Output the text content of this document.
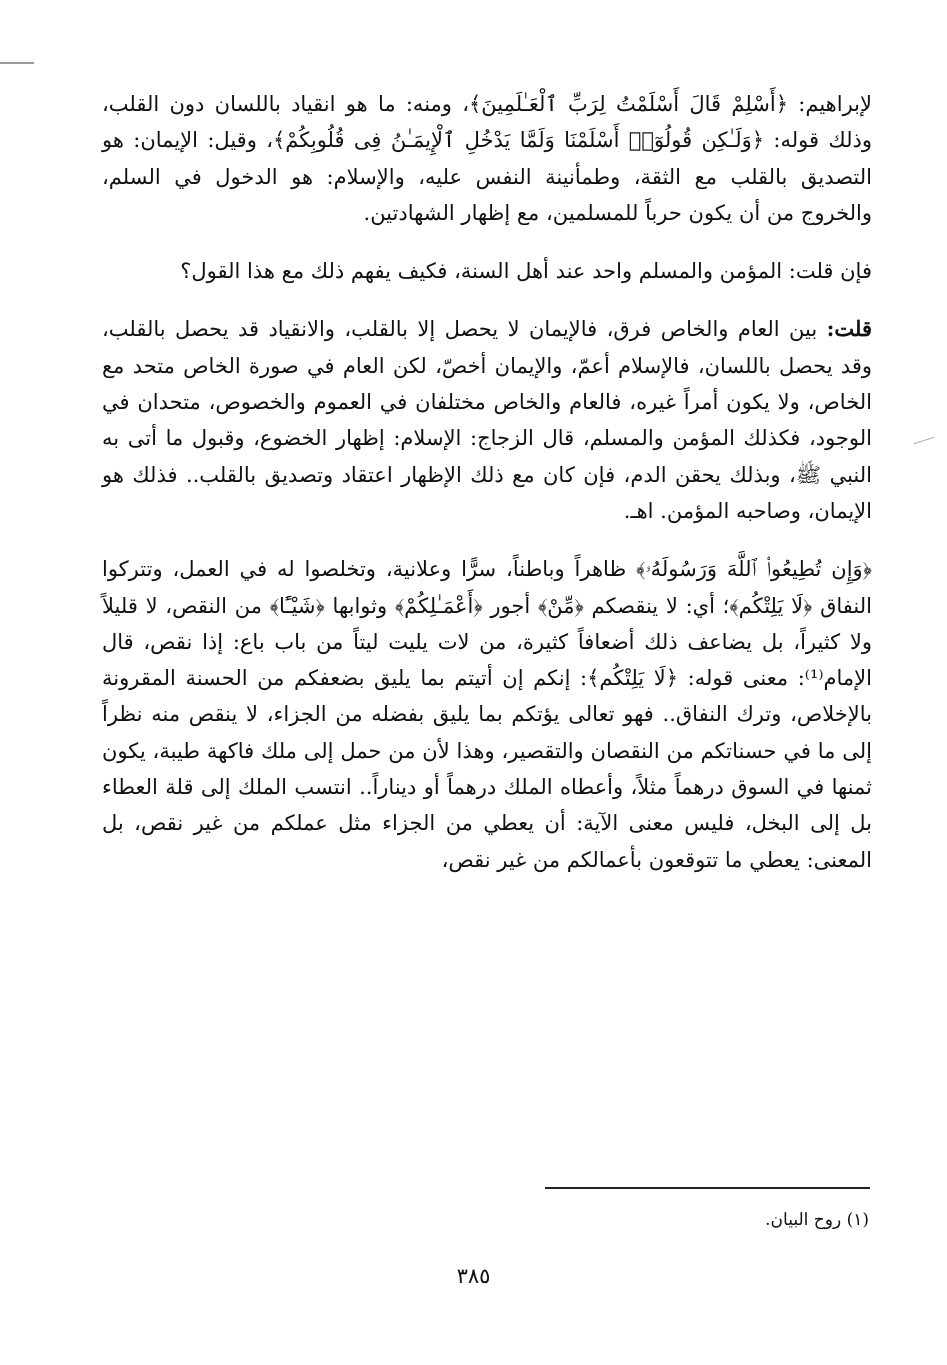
لإبراهيم: ﴿أَسْلِمْ قَالَ أَسْلَمْتُ لِرَبِّ ٱلْعَـٰلَمِينَ﴾، ومنه: ما هو انقياد باللسان دون القلب، وذلك قوله: ﴿وَلَـٰكِن قُولُوٓا۟ أَسْلَمْنَا وَلَمَّا يَدْخُلِ ٱلْإِيمَـٰنُ فِى قُلُوبِكُمْ﴾، وقيل: الإيمان: هو التصديق بالقلب مع الثقة، وطمأنينة النفس عليه، والإسلام: هو الدخول في السلم، والخروج من أن يكون حرباً للمسلمين، مع إظهار الشهادتين.

فإن قلت: المؤمن والمسلم واحد عند أهل السنة، فكيف يفهم ذلك مع هذا القول؟

قلت: بين العام والخاص فرق، فالإيمان لا يحصل إلا بالقلب، والانقياد قد يحصل بالقلب، وقد يحصل باللسان، فالإسلام أعمّ، والإيمان أخصّ، لكن العام في صورة الخاص متحد مع الخاص، ولا يكون أمراً غيره، فالعام والخاص مختلفان في العموم والخصوص، متحدان في الوجود، فكذلك المؤمن والمسلم، قال الزجاج: الإسلام: إظهار الخضوع، وقبول ما أتى به النبي ﷺ، وبذلك يحقن الدم، فإن كان مع ذلك الإظهار اعتقاد وتصديق بالقلب.. فذلك هو الإيمان، وصاحبه المؤمن. اهـ.

﴿وَإِن تُطِيعُوا۟ ٱللَّهَ وَرَسُولَهُۥ﴾ ظاهراً وباطناً، سرًّا وعلانية، وتخلصوا له في العمل، وتتركوا النفاق ﴿لَا يَلِتْكُم﴾؛ أي: لا ينقصكم ﴿مِّنْ﴾ أجور ﴿أَعْمَـٰلِكُمْ﴾ وثوابها ﴿شَيْـًٔا﴾ من النقص، لا قليلاً ولا كثيراً، بل يضاعف ذلك أضعافاً كثيرة، من لات يليت ليتاً من باب باع: إذا نقص، قال الإمام⁽¹⁾: معنى قوله: ﴿لَا يَلِتْكُم﴾: إنكم إن أتيتم بما يليق بضعفكم من الحسنة المقرونة بالإخلاص، وترك النفاق.. فهو تعالى يؤتكم بما يليق بفضله من الجزاء، لا ينقص منه نظراً إلى ما في حسناتكم من النقصان والتقصير، وهذا لأن من حمل إلى ملك فاكهة طيبة، يكون ثمنها في السوق درهماً مثلاً، وأعطاه الملك درهماً أو ديناراً.. انتسب الملك إلى قلة العطاء بل إلى البخل، فليس معنى الآية: أن يعطي من الجزاء مثل عملكم من غير نقص، بل المعنى: يعطي ما تتوقعون بأعمالكم من غير نقص،

(١) روح البيان.
٣٨٥
